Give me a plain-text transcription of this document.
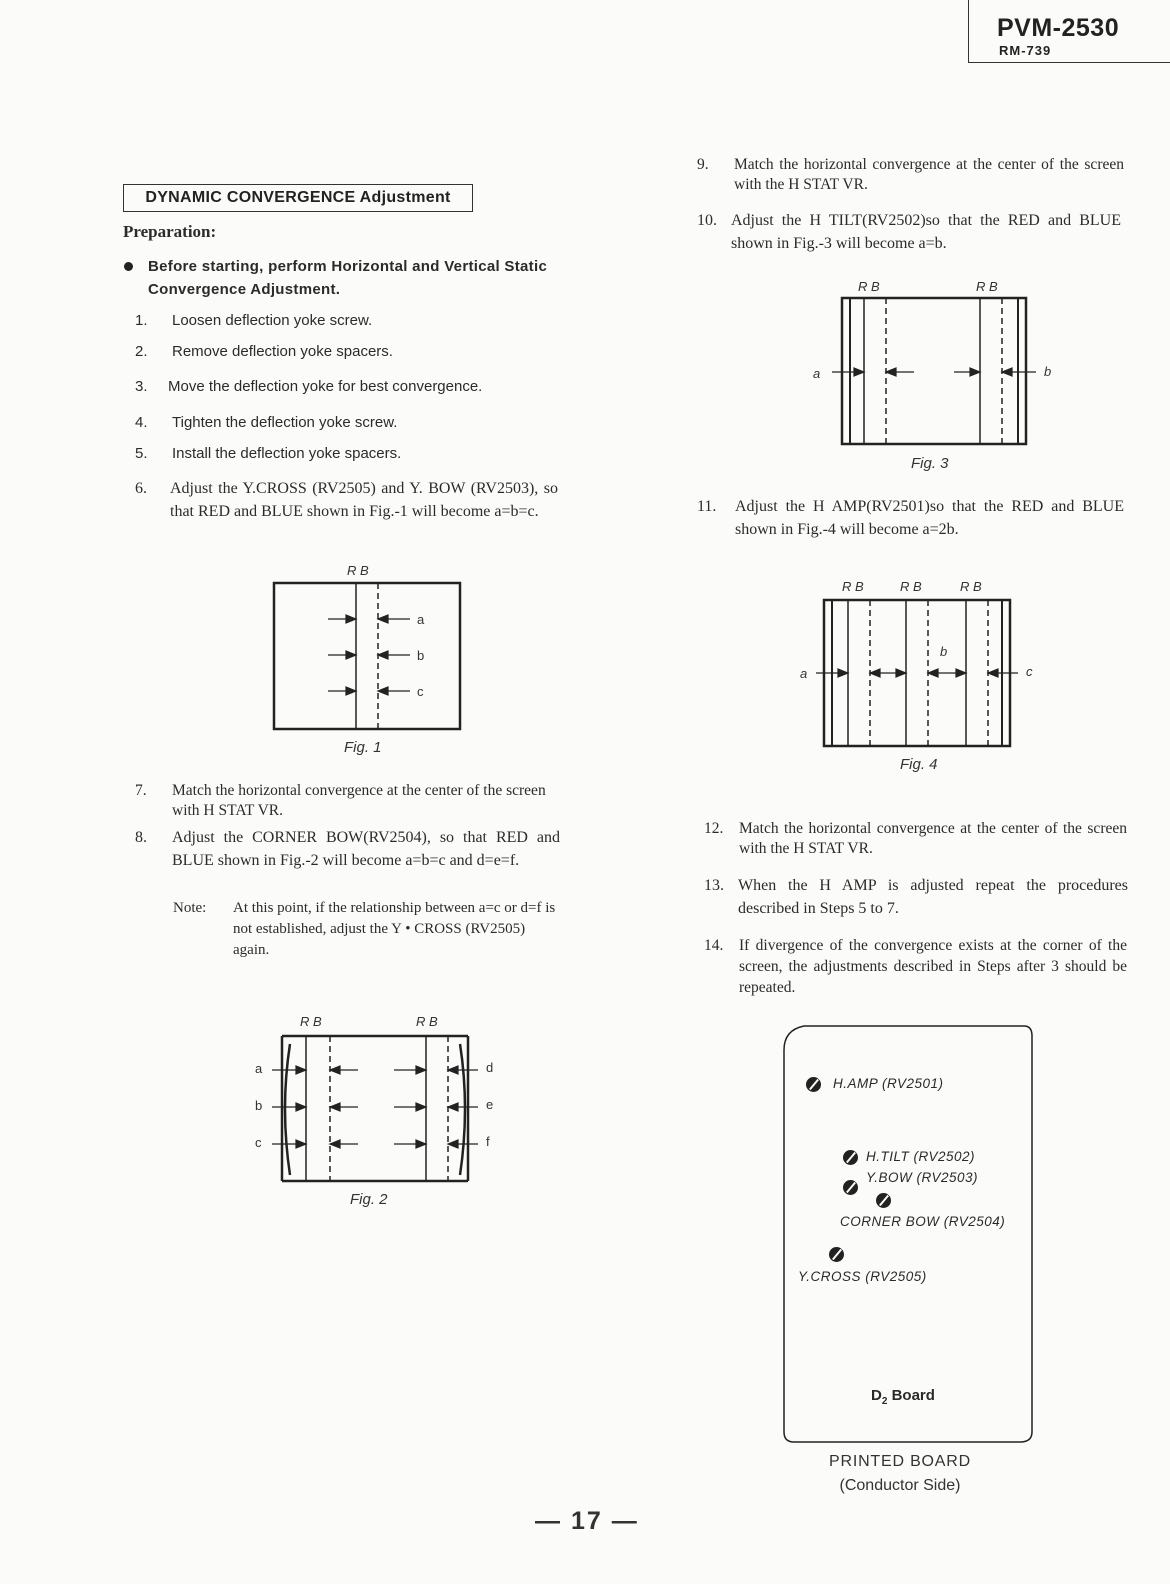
PVM-2530
RM-739
DYNAMIC CONVERGENCE Adjustment
Preparation:
Before starting, perform Horizontal and Vertical Static Convergence Adjustment.
1. Loosen deflection yoke screw.
2. Remove deflection yoke spacers.
3. Move the deflection yoke for best convergence.
4. Tighten the deflection yoke screw.
5. Install the deflection yoke spacers.
6. Adjust the Y.CROSS (RV2505) and Y. BOW (RV2503), so that RED and BLUE shown in Fig.-1 will become a=b=c.
R B
a
b
c
Fig. 1
7. Match the horizontal convergence at the center of the screen with H STAT VR.
8. Adjust the CORNER BOW(RV2504), so that RED and BLUE shown in Fig.-2 will become a=b=c and d=e=f.
Note: At this point, if the relationship between a=c or d=f is not established, adjust the Y • CROSS (RV2505) again.
R B	R B
a
b
c
d
e
f
Fig. 2
9. Match the horizontal convergence at the center of the screen with the H STAT VR.
10. Adjust the H TILT(RV2502)so that the RED and BLUE shown in Fig.-3 will become a=b.
R B	R B
a	b
Fig. 3
11. Adjust the H AMP(RV2501)so that the RED and BLUE shown in Fig.-4 will become a=2b.
R B	R B	R B
a
b
c
Fig. 4
12. Match the horizontal convergence at the center of the screen with the H STAT VR.
13. When the H AMP is adjusted repeat the procedures described in Steps 5 to 7.
14. If divergence of the convergence exists at the corner of the screen, the adjustments described in Steps after 3 should be repeated.
H.AMP (RV2501)
H.TILT (RV2502)
Y.BOW (RV2503)
CORNER BOW (RV2504)
Y.CROSS (RV2505)
$D_2$ Board
PRINTED BOARD
(Conductor Side)
— 17 —
